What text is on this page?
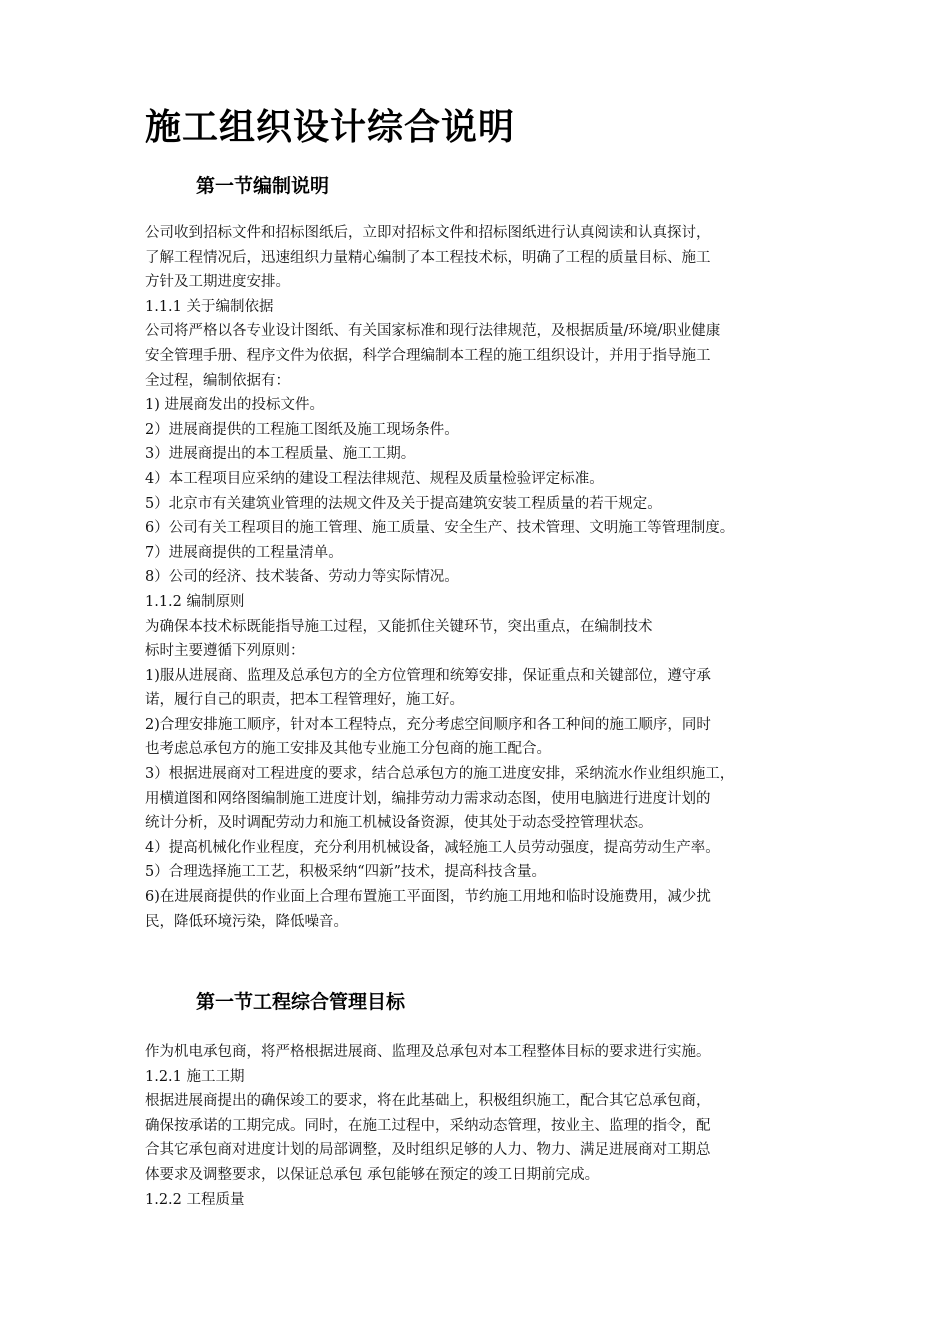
施工组织设计综合说明
第一节编制说明
公司收到招标文件和招标图纸后，立即对招标文件和招标图纸进行认真阅读和认真探讨，
了解工程情况后，迅速组织力量精心编制了本工程技术标，明确了工程的质量目标、施工
方针及工期进度安排。
1.1.1 关于编制依据
公司将严格以各专业设计图纸、有关国家标准和现行法律规范，及根据质量/环境/职业健康
安全管理手册、程序文件为依据，科学合理编制本工程的施工组织设计，并用于指导施工
全过程，编制依据有：
1) 进展商发出的投标文件。
2）进展商提供的工程施工图纸及施工现场条件。
3）进展商提出的本工程质量、施工工期。
4）本工程项目应采纳的建设工程法律规范、规程及质量检验评定标准。
5）北京市有关建筑业管理的法规文件及关于提高建筑安装工程质量的若干规定。
6）公司有关工程项目的施工管理、施工质量、安全生产、技术管理、文明施工等管理制度。
7）进展商提供的工程量清单。
8）公司的经济、技术装备、劳动力等实际情况。
1.1.2 编制原则
为确保本技术标既能指导施工过程，又能抓住关键环节，突出重点，在编制技术
标时主要遵循下列原则：
1)服从进展商、监理及总承包方的全方位管理和统筹安排，保证重点和关键部位，遵守承
诺，履行自己的职责，把本工程管理好，施工好。
2)合理安排施工顺序，针对本工程特点，充分考虑空间顺序和各工种间的施工顺序，同时
也考虑总承包方的施工安排及其他专业施工分包商的施工配合。
3）根据进展商对工程进度的要求，结合总承包方的施工进度安排，采纳流水作业组织施工，
用横道图和网络图编制施工进度计划，编排劳动力需求动态图，使用电脑进行进度计划的
统计分析，及时调配劳动力和施工机械设备资源，使其处于动态受控管理状态。
4）提高机械化作业程度，充分利用机械设备，减轻施工人员劳动强度，提高劳动生产率。
5）合理选择施工工艺，积极采纳“四新”技术，提高科技含量。
6)在进展商提供的作业面上合理布置施工平面图，节约施工用地和临时设施费用，减少扰
民，降低环境污染，降低噪音。
第一节工程综合管理目标
作为机电承包商，将严格根据进展商、监理及总承包对本工程整体目标的要求进行实施。
1.2.1 施工工期
根据进展商提出的确保竣工的要求，将在此基础上，积极组织施工，配合其它总承包商，
确保按承诺的工期完成。同时，在施工过程中，采纳动态管理，按业主、监理的指令，配
合其它承包商对进度计划的局部调整，及时组织足够的人力、物力、满足进展商对工期总
体要求及调整要求，以保证总承包 承包能够在预定的竣工日期前完成。
1.2.2 工程质量
